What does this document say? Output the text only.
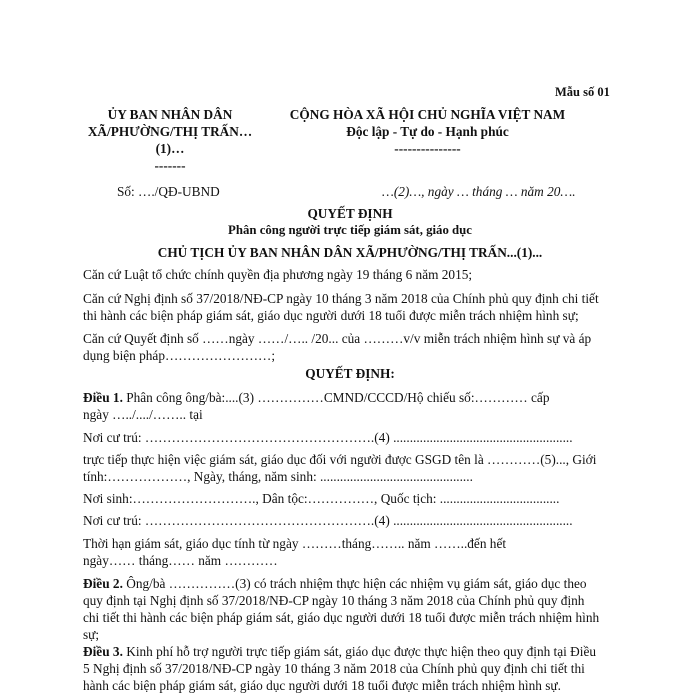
Mẫu số 01
ỦY BAN NHÂN DÂN
XÃ/PHƯỜNG/THỊ TRẤN…
(1)…
-------
CỘNG HÒA XÃ HỘI CHỦ NGHĨA VIỆT NAM
Độc lập - Tự do - Hạnh phúc
---------------
Số: …./QĐ-UBND	…(2)…, ngày … tháng … năm 20….
QUYẾT ĐỊNH
Phân công người trực tiếp giám sát, giáo dục
CHỦ TỊCH ỦY BAN NHÂN DÂN XÃ/PHƯỜNG/THỊ TRẤN...(1)...
Căn cứ Luật tổ chức chính quyền địa phương ngày 19 tháng 6 năm 2015;
Căn cứ Nghị định số 37/2018/NĐ-CP ngày 10 tháng 3 năm 2018 của Chính phủ quy định chi tiết
thi hành các biện pháp giám sát, giáo dục người dưới 18 tuổi được miễn trách nhiệm hình sự;
Căn cứ Quyết định số ……ngày ……/….. /20... của ………v/v miễn trách nhiệm hình sự và áp
dụng biện pháp……………………;
QUYẾT ĐỊNH:
Điều 1. Phân công ông/bà:....(3) ……………CMND/CCCD/Hộ chiếu số:………… cấp
ngày …../..../…….. tại
Nơi cư trú: …………………………………………….(4) ......................................................
trực tiếp thực hiện việc giám sát, giáo dục đối với người được GSGD tên là …………(5)..., Giới
tính:………………, Ngày, tháng, năm sinh: ..............................................
Nơi sinh:………………………., Dân tộc:……………, Quốc tịch: ....................................
Nơi cư trú: …………………………………………….(4) ......................................................
Thời hạn giám sát, giáo dục tính từ ngày ………tháng…….. năm ……..đến hết
ngày…… tháng…… năm …………
Điều 2. Ông/bà ……………(3) có trách nhiệm thực hiện các nhiệm vụ giám sát, giáo dục theo
quy định tại Nghị định số 37/2018/NĐ-CP ngày 10 tháng 3 năm 2018 của Chính phủ quy định
chi tiết thi hành các biện pháp giám sát, giáo dục người dưới 18 tuổi được miễn trách nhiệm hình
sự;
Điều 3. Kinh phí hỗ trợ người trực tiếp giám sát, giáo dục được thực hiện theo quy định tại Điều
5 Nghị định số 37/2018/NĐ-CP ngày 10 tháng 3 năm 2018 của Chính phủ quy định chi tiết thi
hành các biện pháp giám sát, giáo dục người dưới 18 tuổi được miễn trách nhiệm hình sự.
